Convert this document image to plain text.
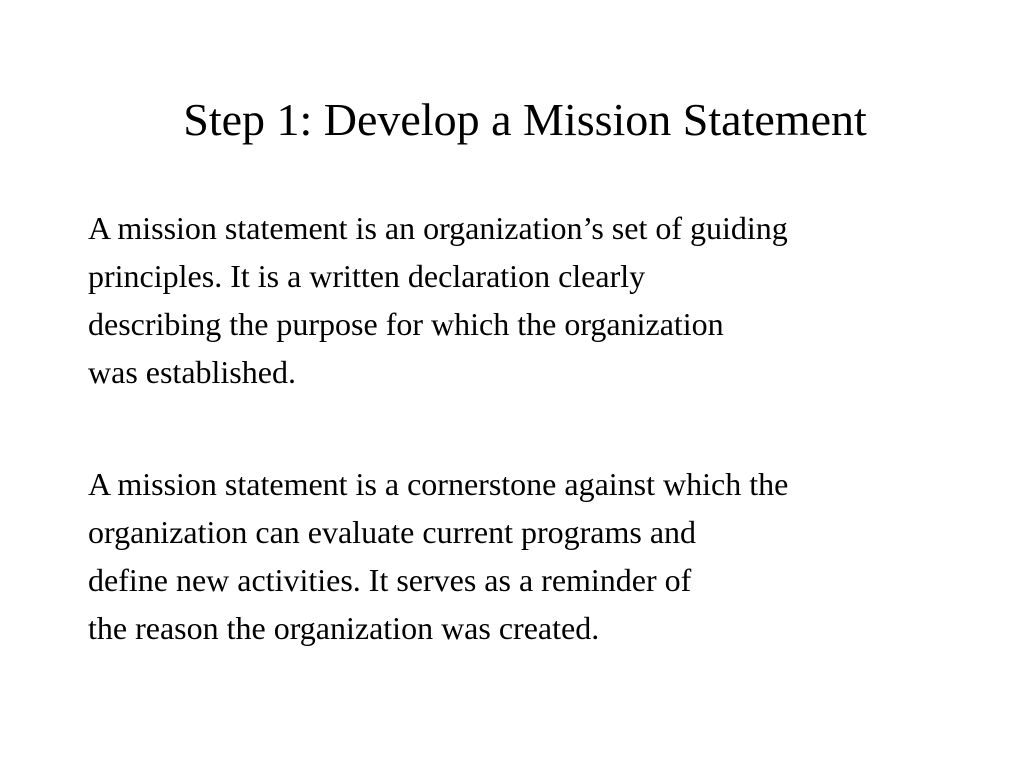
Step 1: Develop a Mission Statement

A mission statement is an organization’s set of guiding
principles. It is a written declaration clearly
describing the purpose for which the organization
was established.

A mission statement is a cornerstone against which the
organization can evaluate current programs and
define new activities. It serves as a reminder of
the reason the organization was created.
